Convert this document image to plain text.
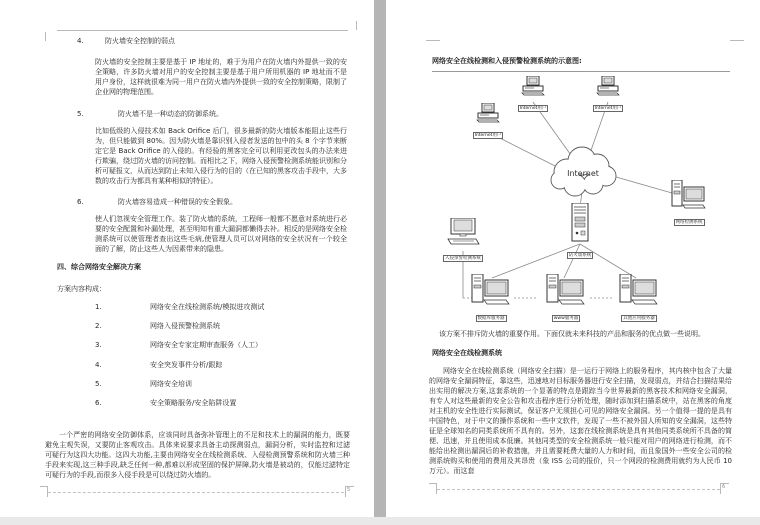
4.	防火墙安全控制的弱点
防火墙的安全控制主要是基于 IP 地址的，难于为用户在防火墙内外提供一致的安全策略，许多防火墙对用户的安全控制主要是基于用户所用机器的 IP 地址而不是用户身份，这样就很难为同一用户在防火墙内外提供一致的安全控制策略，限制了企业网的物理范围。
5.	防火墙不是一种动态的防御系统。
比如低级的入侵技术如 Back Orifice 后门，很多最新的防火墙版本能阻止这些行为，但只能做到 80%。因为防火墙是靠识别入侵者发送的包中的头 8 个字节来断定它是 Back Orifice 的入侵的。有经验的黑客完全可以利用更改包头的办法来进行欺骗，绕过防火墙的访问控制。而相比之下，网络入侵预警检测系统能识别和分析可疑报文，从而达到防止未知入侵行为的目的（在已知的黑客攻击手段中，大多数的攻击行为都具有某种相似的特征）。
6.	防火墙容易造成一种错误的安全假象。
使人们忽视安全管理工作。装了防火墙的系统，工程师一般都不愿意对系统进行必要的安全配置和补漏处理，甚至明知有重大漏洞都懒得去补。相反的是网络安全检测系统可以使管理者查出这些毛病,使管理人员可以对网络的安全状况有一个较全面的了解，防止这些人为因素带来的隐患。
四、综合网络安全解决方案
方案内容构成：
1.	网络安全在线检测系统/模拟进攻测试
2.	网络入侵预警检测系统
3.	网络安全专家定期审查服务（人工）
4.	安全突发事件分析/跟踪
5.	网络安全培训
6.	安全策略服务/安全陷阱设置
一个严密的网络安全防御体系，应该同时具备弥补管理上的不足和技术上的漏洞的能力，既要避免主观失误，又要防止客观攻击。具体来说要求具备主动探测弱点，漏洞分析，实时监控和过滤可疑行为这四大功能。这四大功能,主要由网络安全在线检测系统、入侵检测预警系统和防火墙三种手段来实现,这三种手段,缺乏任何一种,都难以形成坚固的保护屏障,防火墙是被动的，仅能过滤特定可疑行为的手段,而很多入侵手段是可以绕过防火墙的。
5
网络安全在线检测和入侵预警检测系统的示意图:
Internet
Internet用户	Internet用户
Internet用户
网络检测系统
防火墙系统
入侵预警检测系统
数据库服务器	www服务器	其他应用服务器
该方案不排斥防火墙的重要作用。下面仅就未来科技的产品和服务的优点做一些说明。
网络安全在线检测系统
网络安全在线检测系统（网络安全扫描）是一运行于网络上的服务程序，其内核中包含了大量的网络安全漏洞特征，靠这些，迅速地对目标服务器进行安全扫描，发现弱点，并结合扫描结果给出实用的解决方案,这套系统的一个显著的特点是跟踪当今世界最新的黑客技术和网络安全漏洞，有专人对这些最新的安全公告和攻击程序进行分析处理，随时添加到扫描系统中，站在黑客的角度对主机的安全性进行实际测试，保证客户无须担心可见的网络安全漏洞。另一个值得一提的是具有中国特色，对于中文的操作系统和一些中文软件，发现了一些不被外国人所知的安全漏洞，这些特征是全球知名的同类系统所不具有的。另外，这套在线检测系统是具有其他同类系统所不具备的简便、迅速，并且使用成本低廉。其他同类型的安全检测系统一般只能对用户的网络进行检测，而不能给出检测出漏洞后的补救措施，并且需要耗费大量的人力和时间，而且象国外一些安全公司的检测系统购买和使用的费用及其昂贵（象 ISS 公司的报价，只一个网段的检测费用就约为人民币 10 万元）。而这套
6
